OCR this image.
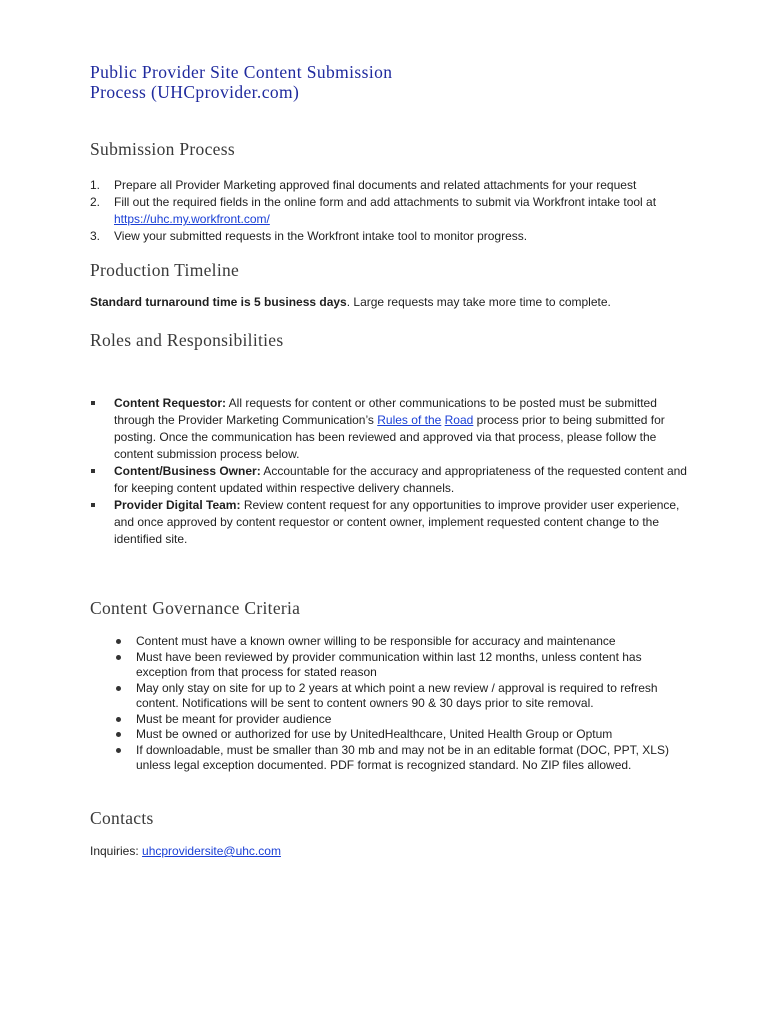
Public Provider Site Content Submission
Process (UHCprovider.com)
Submission Process
1. Prepare all Provider Marketing approved final documents and related attachments for your request
2. Fill out the required fields in the online form and add attachments to submit via Workfront intake tool at https://uhc.my.workfront.com/
3. View your submitted requests in the Workfront intake tool to monitor progress.
Production Timeline
Standard turnaround time is 5 business days. Large requests may take more time to complete.
Roles and Responsibilities
Content Requestor: All requests for content or other communications to be posted must be submitted through the Provider Marketing Communication’s Rules of the Road process prior to being submitted for posting. Once the communication has been reviewed and approved via that process, please follow the content submission process below.
Content/Business Owner: Accountable for the accuracy and appropriateness of the requested content and for keeping content updated within respective delivery channels.
Provider Digital Team: Review content request for any opportunities to improve provider user experience, and once approved by content requestor or content owner, implement requested content change to the identified site.
Content Governance Criteria
Content must have a known owner willing to be responsible for accuracy and maintenance
Must have been reviewed by provider communication within last 12 months, unless content has exception from that process for stated reason
May only stay on site for up to 2 years at which point a new review / approval is required to refresh content. Notifications will be sent to content owners 90 & 30 days prior to site removal.
Must be meant for provider audience
Must be owned or authorized for use by UnitedHealthcare, United Health Group or Optum
If downloadable, must be smaller than 30 mb and may not be in an editable format (DOC, PPT, XLS) unless legal exception documented. PDF format is recognized standard. No ZIP files allowed.
Contacts
Inquiries: uhcprovidersite@uhc.com
